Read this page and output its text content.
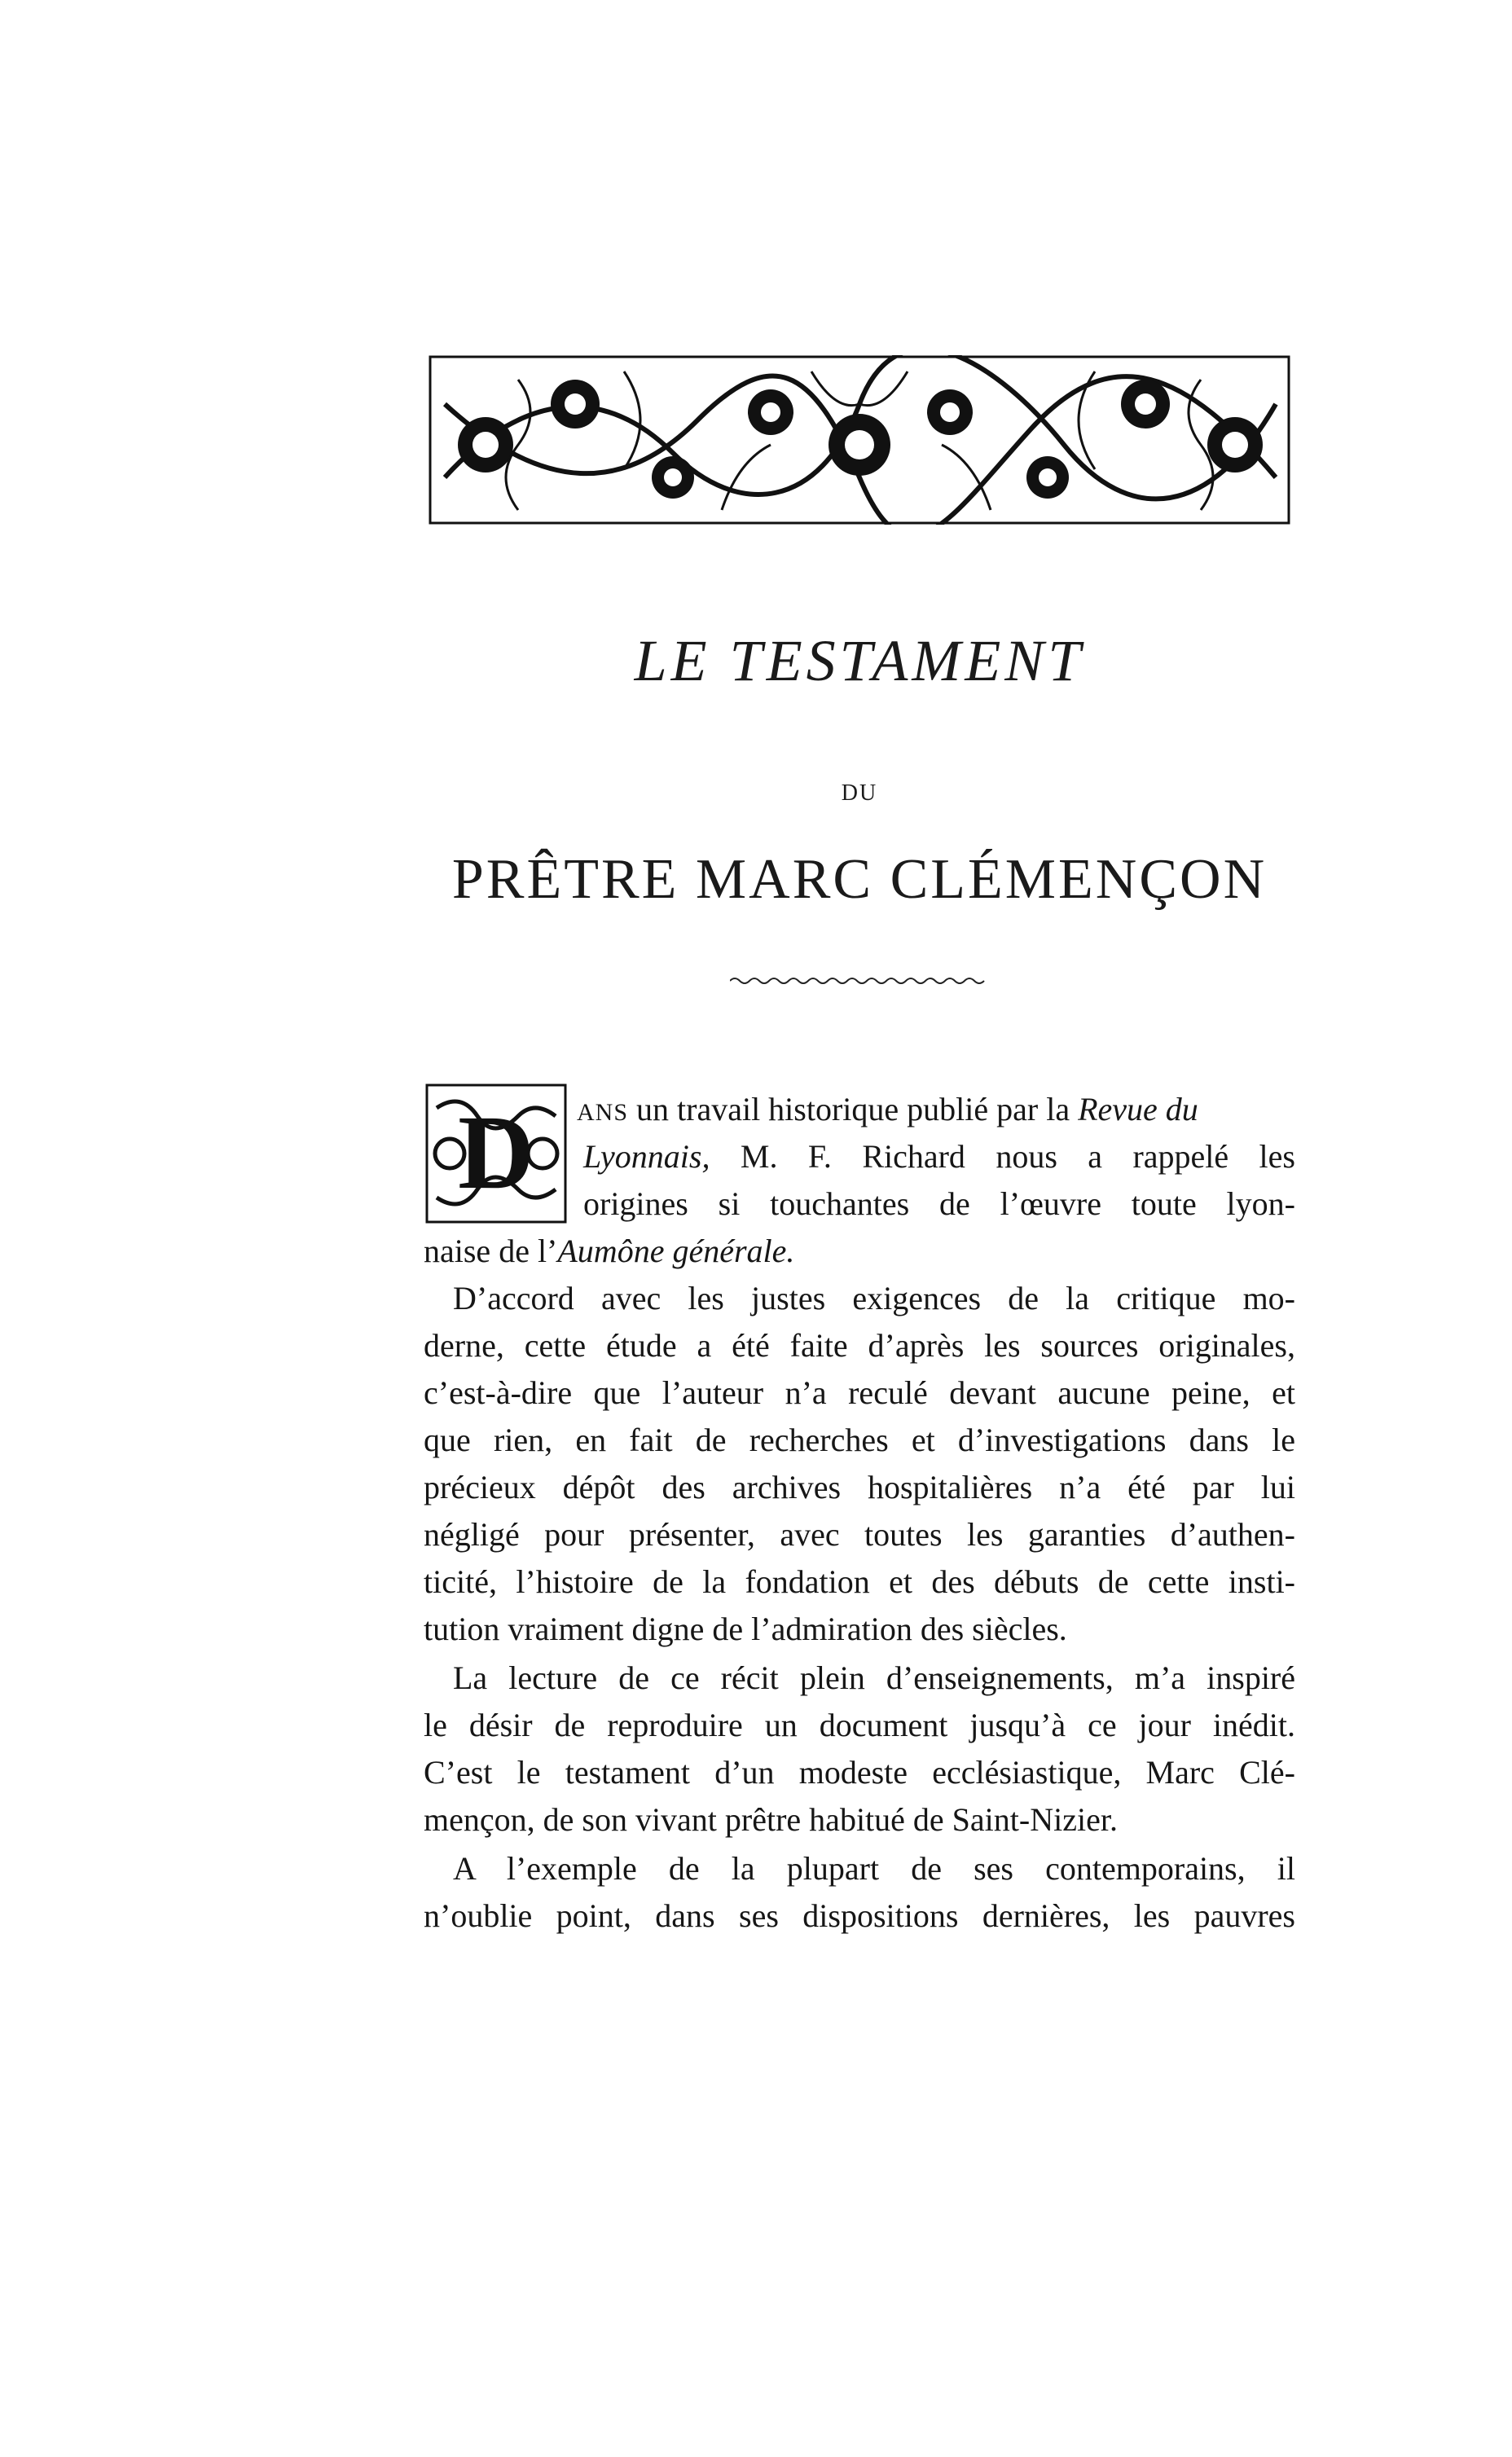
LE TESTAMENT
DU
PRÊTRE MARC CLÉMENÇON
D ANS un travail historique publié par la Revue du
Lyonnais, M. F. Richard nous a rappelé les
origines si touchantes de l’œuvre toute lyon-
naise de l’Aumône générale.
D’accord avec les justes exigences de la critique mo-
derne, cette étude a été faite d’après les sources originales,
c’est-à-dire que l’auteur n’a reculé devant aucune peine, et
que rien, en fait de recherches et d’investigations dans le
précieux dépôt des archives hospitalières n’a été par lui
négligé pour présenter, avec toutes les garanties d’authen-
ticité, l’histoire de la fondation et des débuts de cette insti-
tution vraiment digne de l’admiration des siècles.
La lecture de ce récit plein d’enseignements, m’a inspiré
le désir de reproduire un document jusqu’à ce jour inédit.
C’est le testament d’un modeste ecclésiastique, Marc Clé-
mençon, de son vivant prêtre habitué de Saint-Nizier.
A l’exemple de la plupart de ses contemporains, il
n’oublie point, dans ses dispositions dernières, les pauvres
